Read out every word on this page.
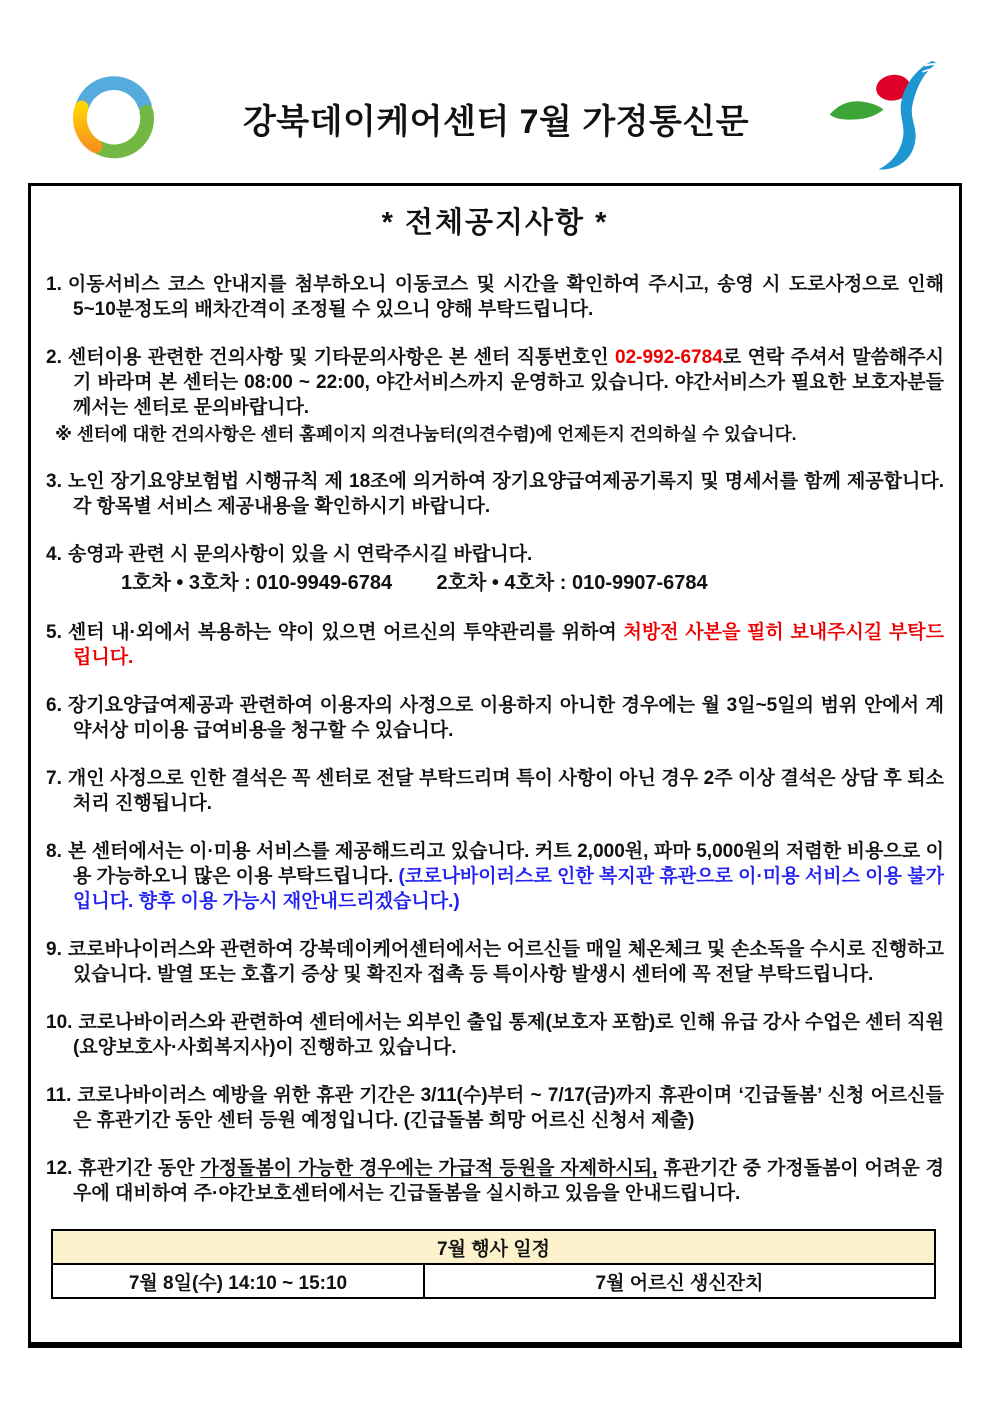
강북데이케어센터 7월 가정통신문
* 전체공지사항 *
1. 이동서비스 코스 안내지를 첨부하오니 이동코스 및 시간을 확인하여 주시고, 송영 시 도로사정으로 인해 5~10분정도의 배차간격이 조정될 수 있으니 양해 부탁드립니다.
2. 센터이용 관련한 건의사항 및 기타문의사항은 본 센터 직통번호인 02-992-6784로 연락 주셔서 말씀해주시기 바라며 본 센터는 08:00 ~ 22:00, 야간서비스까지 운영하고 있습니다. 야간서비스가 필요한 보호자분들께서는 센터로 문의바랍니다.
※ 센터에 대한 건의사항은 센터 홈페이지 의견나눔터(의견수렴)에 언제든지 건의하실 수 있습니다.
3. 노인 장기요양보험법 시행규칙 제 18조에 의거하여 장기요양급여제공기록지 및 명세서를 함께 제공합니다. 각 항목별 서비스 제공내용을 확인하시기 바랍니다.
4. 송영과 관련 시 문의사항이 있을 시 연락주시길 바랍니다.
1호차 • 3호차 : 010-9949-6784        2호차 • 4호차 : 010-9907-6784
5. 센터 내·외에서 복용하는 약이 있으면 어르신의 투약관리를 위하여 처방전 사본을 필히 보내주시길 부탁드립니다.
6. 장기요양급여제공과 관련하여 이용자의 사정으로 이용하지 아니한 경우에는 월 3일~5일의 범위 안에서 계약서상 미이용 급여비용을 청구할 수 있습니다.
7. 개인 사정으로 인한 결석은 꼭 센터로 전달 부탁드리며 특이 사항이 아닌 경우 2주 이상 결석은 상담 후 퇴소처리 진행됩니다.
8. 본 센터에서는 이·미용 서비스를 제공해드리고 있습니다. 커트 2,000원, 파마 5,000원의 저렴한 비용으로 이용 가능하오니 많은 이용 부탁드립니다. (코로나바이러스로 인한 복지관 휴관으로 이·미용 서비스 이용 불가입니다. 향후 이용 가능시 재안내드리겠습니다.)
9. 코로바나이러스와 관련하여 강북데이케어센터에서는 어르신들 매일 체온체크 및 손소독을 수시로 진행하고 있습니다. 발열 또는 호흡기 증상 및 확진자 접촉 등 특이사항 발생시 센터에 꼭 전달 부탁드립니다.
10. 코로나바이러스와 관련하여 센터에서는 외부인 출입 통제(보호자 포함)로 인해 유급 강사 수업은 센터 직원(요양보호사·사회복지사)이 진행하고 있습니다.
11. 코로나바이러스 예방을 위한 휴관 기간은 3/11(수)부터 ~ 7/17(금)까지 휴관이며 ‘긴급돌봄’ 신청 어르신들은 휴관기간 동안 센터 등원 예정입니다. (긴급돌봄 희망 어르신 신청서 제출)
12. 휴관기간 동안 가정돌봄이 가능한 경우에는 가급적 등원을 자제하시되, 휴관기간 중 가정돌봄이 어려운 경우에 대비하여 주·야간보호센터에서는 긴급돌봄을 실시하고 있음을 안내드립니다.
7월 행사 일정
7월 8일(수) 14:10 ~ 15:10	7월 어르신 생신잔치
